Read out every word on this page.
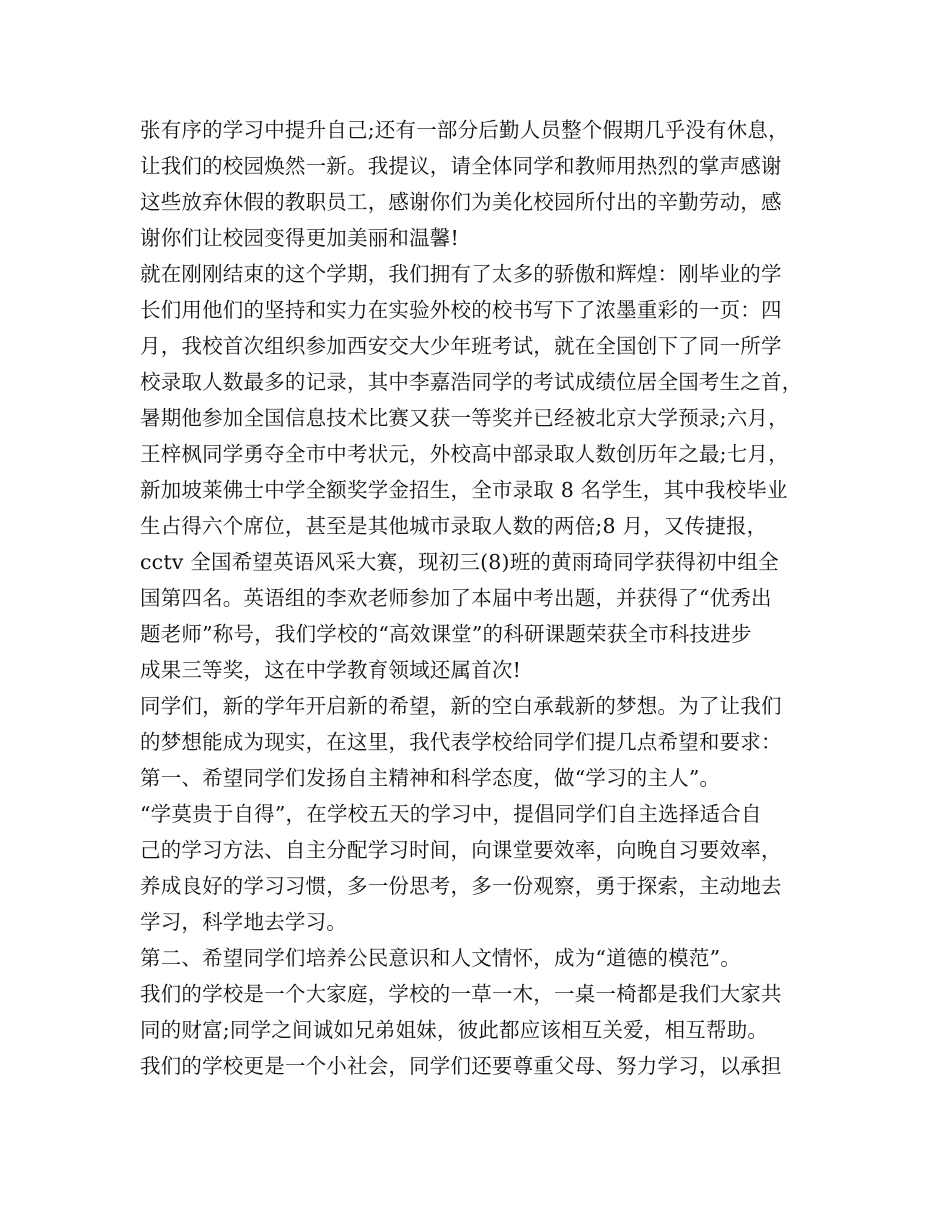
张有序的学习中提升自己;还有一部分后勤人员整个假期几乎没有休息，
让我们的校园焕然一新。我提议，请全体同学和教师用热烈的掌声感谢
这些放弃休假的教职员工，感谢你们为美化校园所付出的辛勤劳动，感
谢你们让校园变得更加美丽和温馨!
就在刚刚结束的这个学期，我们拥有了太多的骄傲和辉煌：刚毕业的学
长们用他们的坚持和实力在实验外校的校书写下了浓墨重彩的一页：四
月，我校首次组织参加西安交大少年班考试，就在全国创下了同一所学
校录取人数最多的记录，其中李嘉浩同学的考试成绩位居全国考生之首，
暑期他参加全国信息技术比赛又获一等奖并已经被北京大学预录;六月，
王梓枫同学勇夺全市中考状元，外校高中部录取人数创历年之最;七月，
新加坡莱佛士中学全额奖学金招生，全市录取 8 名学生，其中我校毕业
生占得六个席位，甚至是其他城市录取人数的两倍;8 月，又传捷报，
cctv 全国希望英语风采大赛，现初三(8)班的黄雨琦同学获得初中组全
国第四名。英语组的李欢老师参加了本届中考出题，并获得了“优秀出
题老师”称号，我们学校的“高效课堂”的科研课题荣获全市科技进步
成果三等奖，这在中学教育领域还属首次!
同学们，新的学年开启新的希望，新的空白承载新的梦想。为了让我们
的梦想能成为现实，在这里，我代表学校给同学们提几点希望和要求：
第一、希望同学们发扬自主精神和科学态度，做“学习的主人”。
“学莫贵于自得”，在学校五天的学习中，提倡同学们自主选择适合自
己的学习方法、自主分配学习时间，向课堂要效率，向晚自习要效率，
养成良好的学习习惯，多一份思考，多一份观察，勇于探索，主动地去
学习，科学地去学习。
第二、希望同学们培养公民意识和人文情怀，成为“道德的模范”。
我们的学校是一个大家庭，学校的一草一木，一桌一椅都是我们大家共
同的财富;同学之间诚如兄弟姐妹，彼此都应该相互关爱，相互帮助。
我们的学校更是一个小社会，同学们还要尊重父母、努力学习，以承担
